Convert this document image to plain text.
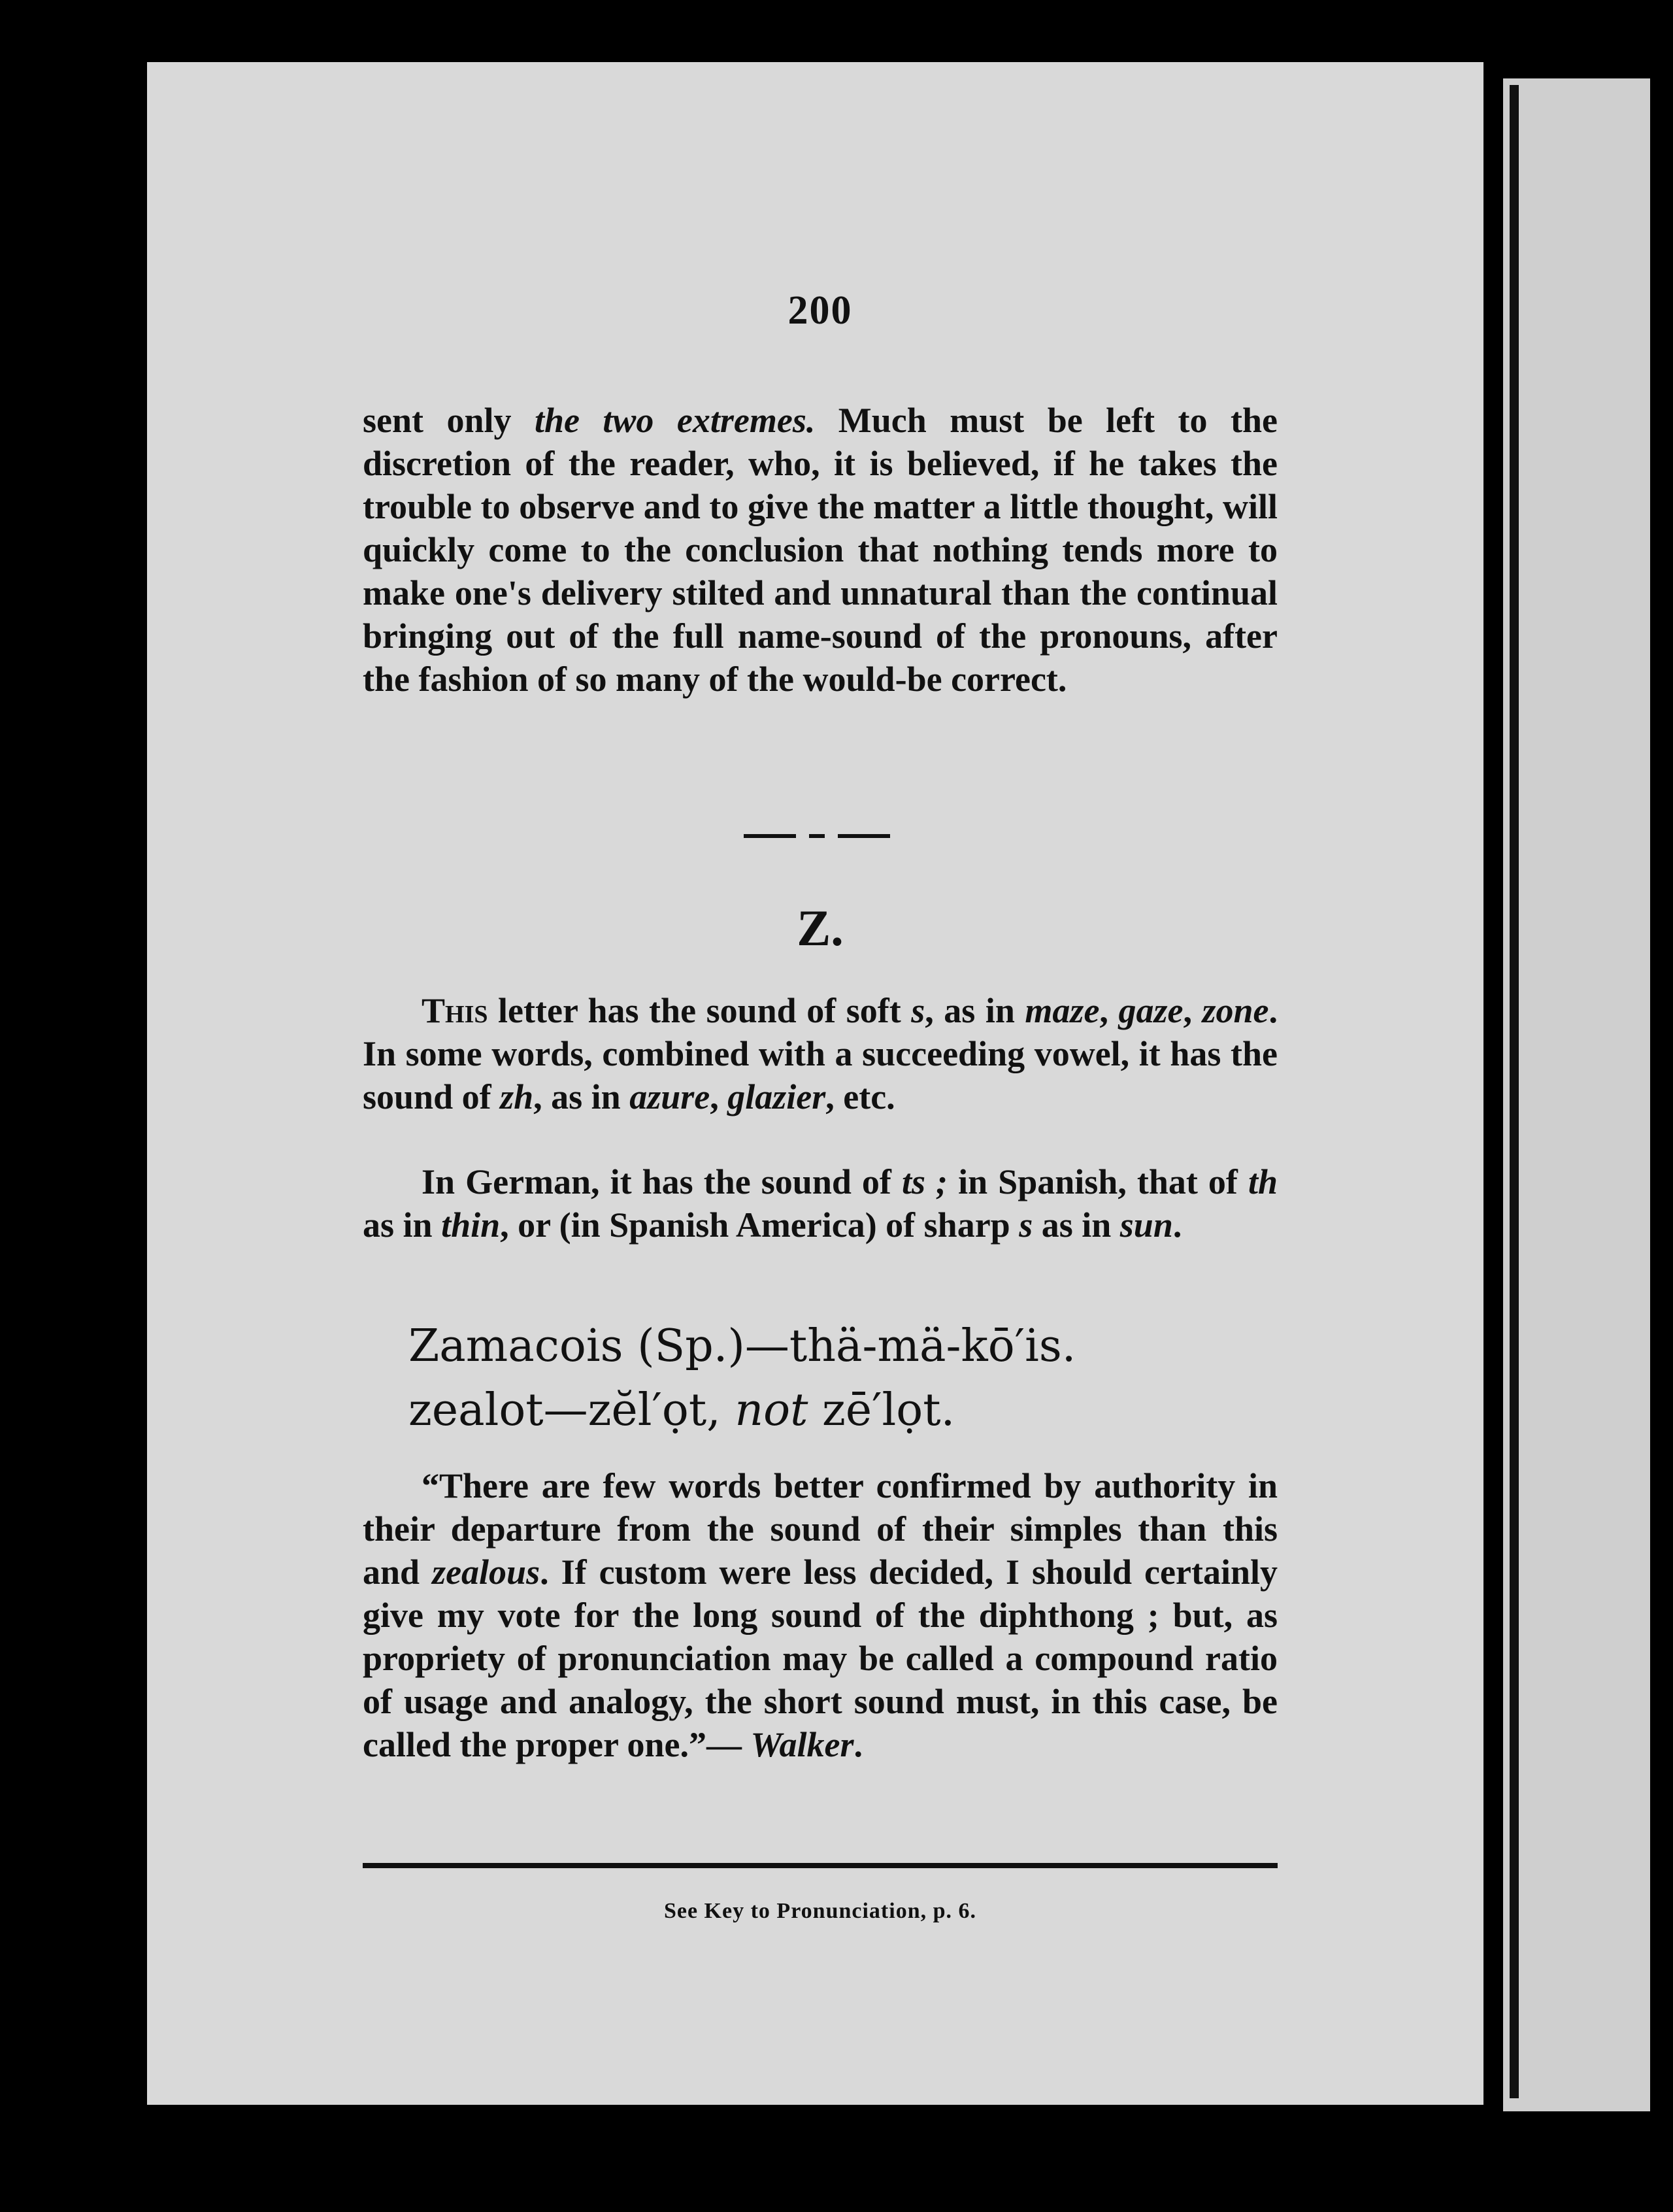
200

sent only the two extremes. Much must be left to the discretion of the reader, who, it is believed, if he takes the trouble to observe and to give the matter a little thought, will quickly come to the conclusion that nothing tends more to make one's delivery stilted and unnatural than the continual bringing out of the full name-sound of the pronouns, after the fashion of so many of the would-be correct.

Z.

This letter has the sound of soft s, as in maze, gaze, zone. In some words, combined with a succeeding vowel, it has the sound of zh, as in azure, glazier, etc.

In German, it has the sound of ts ; in Spanish, that of th as in thin, or (in Spanish America) of sharp s as in sun.

Zamacois (Sp.)—thä-mä-kō′is.
zealot—zĕl′ọt, not zē′lọt.

“There are few words better confirmed by authority in their departure from the sound of their simples than this and zealous. If custom were less decided, I should certainly give my vote for the long sound of the diphthong ; but, as propriety of pronunciation may be called a compound ratio of usage and analogy, the short sound must, in this case, be called the proper one.”— Walker.

See Key to Pronunciation, p. 6.
